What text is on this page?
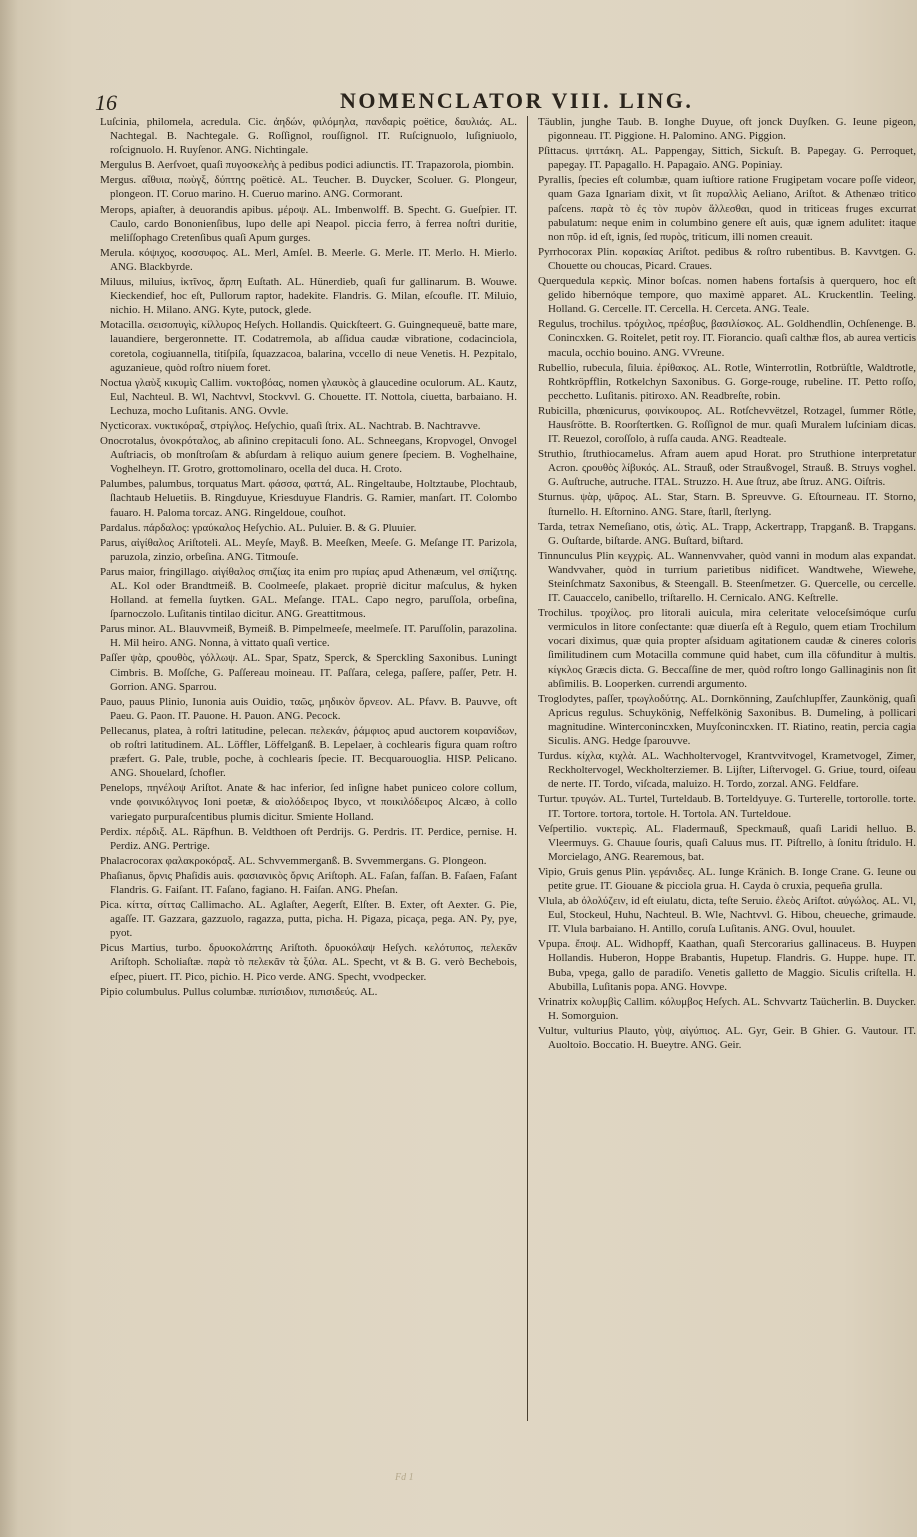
16	NOMENCLATOR VIII. LING.

Luſcinia, philomela, acredula. Cic. ἀηδών, φιλόμηλα, πανδαρὶς poëtice, δαυλιάς. AL. Nachtegal. B. Nachtegale. G. Roſſignol, rouſſignol. IT. Ruſcignuolo, luſigniuolo, roſcignuolo. H. Ruyſenor. ANG. Nichtingale.

Mergulus B. Aerſvoet, quaſi πυγοσκελὴς à pedibus podici adiunctis. IT. Trapazorola, piombin.

Mergus. αἴθυια, πωὺγξ, δύπτης poëticè. AL. Teucher. B. Duycker, Scoluer. G. Plongeur, plongeon. IT. Coruo marino. H. Cueruo marino. ANG. Cormorant.

Merops, apiaſter, à deuorandis apibus. μέροψ. AL. Imbenwolff. B. Specht. G. Gueſpier. IT. Caulo, cardo Bononienſibus, lupo delle api Neapol. piccia ferro, à ferrea noſtri duritie, meliſſophago Cretenſibus quaſi Apum gurges.

Merula. κόψιχος, κοσσυφος. AL. Merl, Amſel. B. Meerle. G. Merle. IT. Merlo. H. Mierlo. ANG. Blackbyrde.

Miluus, miluius, ἰκτῖνος, ἅρπη Euſtath. AL. Hünerdieb, quaſi fur gallinarum. B. Wouwe. Kieckendief, hoc eſt, Pullorum raptor, hadekite. Flandris. G. Milan, eſcoufle. IT. Miluio, nichio. H. Milano. ANG. Kyte, putock, glede.

Motacilla. σεισοπυγὶς, κίλλυρος Heſych. Hollandis. Quickſteert. G. Guingnequeuë, batte mare, lauandiere, bergeronnette. IT. Codatremola, ab aſſidua caudæ vibratione, codacinciola, coretola, cogiuannella, titiſpiſa, ſquazzacoa, balarina, vccello di neue Venetis. H. Pezpitalo, aguzanieue, quòd roſtro niuem foret.

Noctua γλαὺξ κικυμὶς Callim. νυκτοβόας, nomen γλαυκὸς à glaucedine oculorum. AL. Kautz, Eul, Nachteul. B. Wl, Nachtvvl, Stockvvl. G. Chouette. IT. Nottola, ciuetta, barbaiano. H. Lechuza, mocho Luſitanis. ANG. Ovvle.

Nycticorax. νυκτικόραξ, στρίγλος. Heſychio, quaſi ſtrix. AL. Nachtrab. B. Nachtravve.

Onocrotalus, ὀνοκρόταλος, ab aſinino crepitaculi ſono. AL. Schneegans, Kropvogel, Onvogel Auſtriacis, ob monſtroſam & abſurdam à reliquo auium genere ſpeciem. B. Voghelhaine, Voghelheyn. IT. Grotro, grottomolinaro, ocella del duca. H. Croto.

Palumbes, palumbus, torquatus Mart. φάσσα, φαττά, AL. Ringeltaube, Holtztaube, Plochtaub, ſlachtaub Heluetiis. B. Ringduyue, Kriesduyue Flandris. G. Ramier, manſart. IT. Colombo fauaro. H. Paloma torcaz. ANG. Ringeldoue, couſhot.

Pardalus. πάρδαλος: γραύκαλος Heſychio. AL. Puluier. B. & G. Pluuier.

Parus, αἰγίθαλος Ariſtoteli. AL. Meyſe, Mayß. B. Meeſken, Meeſe. G. Meſange IT. Parizola, paruzola, zinzio, orbeſina. ANG. Titmouſe.

Parus maior, fringillago. αἰγίθαλος σπιζίας ita enim pro πιρίας apud Athenæum, vel σπίζιτης. AL. Kol oder Brandtmeiß. B. Coolmeeſe, plakaet. propriè dicitur maſculus, & hyken Holland. at femella ſuytken. GAL. Meſange. ITAL. Capo negro, paruſſola, orbeſina, ſparnoczolo. Luſitanis tintilao dicitur. ANG. Greattitmous.

Parus minor. AL. Blauvvmeiß, Bymeiß. B. Pimpelmeeſe, meelmeſe. IT. Paruſſolin, parazolina. H. Mil heiro. ANG. Nonna, à vittato quaſi vertice.

Paſſer ψὰρ, ςρουθὸς, γόλλωψ. AL. Spar, Spatz, Sperck, & Sperckling Saxonibus. Luningt Cimbris. B. Moſſche, G. Paſſereau moineau. IT. Paſſara, celega, paſſere, paſſer, Petr. H. Gorrion. ANG. Sparrou.

Pauo, pauus Plinio, Iunonia auis Ouidio, ταῶς, μηδικὸν ὄρνεον. AL. Pfavv. B. Pauvve, oft Paeu. G. Paon. IT. Pauone. H. Pauon. ANG. Pecock.

Pellecanus, platea, à roſtri latitudine, pelecan. πελεκάν, ῥάμφιος apud auctorem κοιρανίδων, ob roſtri latitudinem. AL. Löffler, Löffelganß. B. Lepelaer, à cochlearis figura quam roſtro præfert. G. Pale, truble, poche, à cochlearis ſpecie. IT. Becquarouoglia. HISP. Pelicano. ANG. Shouelard, ſchofler.

Penelops, πηνέλοψ Ariſtot. Anate & hac inferior, ſed inſigne habet puniceo colore collum, vnde φοινικόλιγνος Ioni poetæ, & αἰολόδειρος Ibyco, vt ποικιλόδειρος Alcæo, à collo variegato purpuraſcentibus plumis dicitur. Smiente Holland.

Perdix. πέρδιξ. AL. Räpfhun. B. Veldthoen oft Perdrijs. G. Perdris. IT. Perdice, pernise. H. Perdiz. ANG. Pertrige.

Phalacrocorax φαλακροκόραξ. AL. Schvvemmerganß. B. Svvemmergans. G. Plongeon.

Phaſianus, ὄρνις Phaſidis auis. φασιανικὸς ὄρνις Ariſtoph. AL. Faſan, faſſan. B. Faſaen, Faſant Flandris. G. Faiſant. IT. Faſano, fagiano. H. Faiſan. ANG. Pheſan.

Pica. κίττα, σίττας Callimacho. AL. Aglaſter, Aegerſt, Elſter. B. Exter, oft Aexter. G. Pie, agaſſe. IT. Gazzara, gazzuolo, ragazza, putta, picha. H. Pigaza, picaça, pega. AN. Py, pye, pyot.

Picus Martius, turbo. δρυοκολάπτης Ariſtoth. δρυοκόλαψ Heſych. κελότυπος, πελεκᾶν Ariſtoph. Scholiaſtæ. παρὰ τὸ πελεκᾶν τὰ ξύλα. AL. Specht, vt & B. G. verò Bechebois, eſpec, piuert. IT. Pico, pichio. H. Pico verde. ANG. Specht, vvodpecker.

Pipio columbulus. Pullus columbæ. πιπίσιδιον, πιπισιδεύς. AL.

Täublin, junghe Taub. B. Ionghe Duyue, oft jonck Duyſken. G. Ieune pigeon, pigonneau. IT. Piggione. H. Palomino. ANG. Piggion.

Pſittacus. ψιττάκη. AL. Pappengay, Sittich, Sickuſt. B. Papegay. G. Perroquet, papegay. IT. Papagallo. H. Papagaio. ANG. Popiniay.

Pyrallis, ſpecies eſt columbæ, quam iuſtiore ratione Frugipetam vocare poſſe videor, quam Gaza Ignariam dixit, vt ſit πυραλλὶς Aeliano, Ariſtot. & Athenæo tritico paſcens. παρὰ τὸ ἐς τὸν πυρὸν ἅλλεσθαι, quod in triticeas fruges excurrat pabulatum: neque enim in columbino genere eſt auis, quæ ignem adulitet: itaque non πῦρ. id eſt, ignis, ſed πυρὸς, triticum, illi nomen creauit.

Pyrrhocorax Plin. κορακίας Ariſtot. pedibus & roſtro rubentibus. B. Kavvtgen. G. Chouette ou choucas, Picard. Craues.

Querquedula κερκὶς. Minor boſcas. nomen habens fortaſsis à querquero, hoc eſt gelido hibernóque tempore, quo maximè apparet. AL. Kruckentlin. Teeling. Holland. G. Cercelle. IT. Cercella. H. Cerceta. ANG. Teale.

Regulus, trochilus. τρόχιλος, πρέσβυς, βασιλίσκος. AL. Goldhendlin, Ochſenenge. B. Conincxken. G. Roitelet, petit roy. IT. Fiorancio. quaſi calthæ flos, ab aurea verticis macula, occhio bouino. ANG. VVreune.

Rubellio, rubecula, ſiluia. ἐρίθακος. AL. Rotle, Winterrotlin, Rotbrüſtle, Waldtrotle, Rohtkröpfflin, Rotkelchyn Saxonibus. G. Gorge-rouge, rubeline. IT. Petto roſſo, pecchetto. Luſitanis. pitiroxo. AN. Readbreſte, robin.

Rubicilla, phœnicurus, φοινίκουρος. AL. Rotſchevvëtzel, Rotzagel, ſummer Rötle, Hausſrötte. B. Roorſtertken. G. Roſſignol de mur. quaſi Muralem luſciniam dicas. IT. Reuezol, coroſſolo, à ruſſa cauda. ANG. Readteale.

Struthio, ſtruthiocamelus. Afram auem apud Horat. pro Struthione interpretatur Acron. ςρουθὸς λίβυκός. AL. Strauß, oder Straußvogel, Strauß. B. Struys voghel. G. Auſtruche, autruche. ITAL. Struzzo. H. Aue ſtruz, abe ſtruz. ANG. Oiſtris.

Sturnus. ψὰρ, ψᾶρος. AL. Star, Starn. B. Spreuvve. G. Eſtourneau. IT. Storno, ſturnello. H. Eſtornino. ANG. Stare, ſtarll, ſterlyng.

Tarda, tetrax Nemeſiano, otis, ὠτὶς. AL. Trapp, Ackertrapp, Trapganß. B. Trapgans. G. Ouſtarde, biſtarde. ANG. Buſtard, biſtard.

Tinnunculus Plin κεγχρὶς. AL. Wannenvvaher, quòd vanni in modum alas expandat. Wandvvaher, quòd in turrium parietibus nidificet. Wandtwehe, Wiewehe, Steinſchmatz Saxonibus, & Steengall. B. Steenſmetzer. G. Quercelle, ou cercelle. IT. Cauaccelo, canibello, triſtarello. H. Cernicalo. ANG. Keſtrelle.

Trochilus. τροχίλος. pro litorali auicula, mira celeritate veloceſsimóque curſu vermiculos in litore conſectante: quæ diuerſa eſt à Regulo, quem etiam Trochilum vocari diximus, quæ quia propter aſsiduam agitationem caudæ & cineres coloris ſimilitudinem cum Motacilla commune quid habet, cum illa cōfunditur à multis. κίγκλος Græcis dicta. G. Beccaſſine de mer, quòd roſtro longo Gallinaginis non ſit abſimilis. B. Looperken. currendi argumento.

Troglodytes, paſſer, τρωγλοδύτης. AL. Dornkönning, Zauſchlupſfer, Zaunkönig, quaſi Apricus regulus. Schuykönig, Neffelkönig Saxonibus. B. Dumeling, à pollicari magnitudine. Winterconincxken, Muyſconincxken. IT. Riatino, reatin, percia cagia Siculis. ANG. Hedge ſparouvve.

Turdus. κίχλα, κιχλὰ. AL. Wachholtervogel, Krantvvitvogel, Krametvogel, Zimer, Reckholtervogel, Weckholterziemer. B. Lijſter, Liſtervogel. G. Griue, tourd, oiſeau de nerte. IT. Tordo, viſcada, maluizo. H. Tordo, zorzal. ANG. Feldfare.

Turtur. τρυγών. AL. Turtel, Turteldaub. B. Torteldyuye. G. Turterelle, tortorolle. torte. IT. Tortore. tortora, tortole. H. Tortola. AN. Turteldoue.

Veſpertilio. νυκτερὶς. AL. Fladermauß, Speckmauß, quaſi Laridi helluo. B. Vleermuys. G. Chauue ſouris, quaſi Caluus mus. IT. Piſtrello, à ſonitu ſtridulo. H. Morcielago, ANG. Rearemous, bat.

Vipio, Gruis genus Plin. γεράνιδες. AL. Iunge Kränich. B. Ionge Crane. G. Ieune ou petite grue. IT. Giouane & picciola grua. H. Cayda ò cruxia, pequeña grulla.

Vlula, ab ὀλολύζειν, id eſt eiulatu, dicta, teſte Seruio. ἐλεὸς Ariſtot. αὐγώλος. AL. Vl, Eul, Stockeul, Huhu, Nachteul. B. Wle, Nachtvvl. G. Hibou, cheueche, grimaude. IT. Vlula barbaiano. H. Antillo, coruſa Luſitanis. ANG. Ovul, houulet.

Vpupa. ἔποψ. AL. Widhopff, Kaathan, quaſi Stercorarius gallinaceus. B. Huypen Hollandis. Huberon, Hoppe Brabantis, Hupetup. Flandris. G. Huppe. hupe. IT. Buba, vpega, gallo de paradiſo. Venetis galletto de Maggio. Siculis criſtella. H. Abubilla, Luſitanis popa. ANG. Hovvpe.

Vrinatrix κολυμβὶς Callim. κόλυμβος Heſych. AL. Schvvartz Taücherlin. B. Duycker. H. Somorguion.

Vultur, vulturius Plauto, γὺψ, αἰγύπιος. AL. Gyr, Geir. B Ghier. G. Vautour. IT. Auoltoio. Boccatio. H. Bueytre. ANG. Geir.

Fd 1
